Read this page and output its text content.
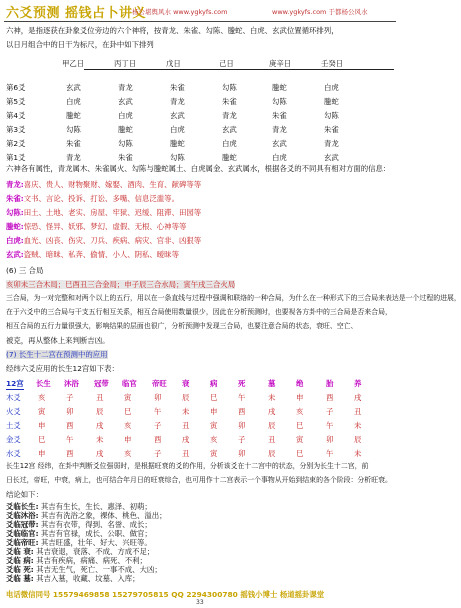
六爻预测 摇钱占卜讲义
杨公堪舆风水 www.ygkyfs.com	www.ygkyfs.com 于都杨公风水
六神，是指逐获在卦象爻位旁边的六个神将，按青龙、朱雀、勾陈、螣蛇、白虎、玄武位置循环排列，
以日月组合中的日干为标尺，在卦中如下排列
甲乙日	丙丁日	戊日	己日	庚辛日	壬癸日
第6爻	玄武	青龙	朱雀	勾陈	螣蛇	白虎
第5爻	白虎	玄武	青龙	朱雀	勾陈	螣蛇
第4爻	螣蛇	白虎	玄武	青龙	朱雀	勾陈
第3爻	勾陈	螣蛇	白虎	玄武	青龙	朱雀
第2爻	朱雀	勾陈	螣蛇	白虎	玄武	青龙
第1爻	青龙	朱雀	勾陈	螣蛇	白虎	玄武
六神各有属性，青龙属木、朱雀属火、勾陈与螣蛇属土、白虎属金、玄武属水，根据各爻的不同具有相对方面的信息：
青龙:喜庆、贵人、财物聚财、嫁娶、酒肉、生育、献碑等等
朱雀:文书、言论、投诉、打讼、多嘴、信息泛滥等。
勾陈:田土、土地、老实、房屋、牢狱、迟缓、阻滞、田园等
螣蛇:惊恐、怪异、妖邪、梦幻、虚假、无根、心神等等
白虎:血光、凶丧、伤灾、刀兵、疾病、病灾、官非、凶狠等
玄武:盗贼、暗昧、私奔、偷情、小人、阴私、暧昧等
(6) 三 合局
亥卯未三合木局；巳酉丑三合金局；申子辰三合水局；寅午戌三合火局
三合局，为一对完整和对两个以上的五行，用以在一条直线与过程中强调和联络的一种合局，为什么在一种形式下的三合局来表达是一个过程的进展，
在于六爻中的三合局与干支五行相互关系，相互合局使用数量很少，因此在分析预测时，也要视各方卦中的三合局是否来合局，
相互合局的五行力量很强大，影响结果的层面也很广，分析预测中发现三合局，也要注意合局的状态，衰旺、空亡、
被克，再从整体上来判断吉凶。
(7) 长生十二宫在预测中的应用
经纬六爻应用的长生12宫如下表：
12宫 长生 沐浴 冠带 临官 帝旺 衰	病	死	墓	绝	胎	养
木爻 亥	子	丑	寅	卯	辰	巳	午	未	申	酉	戌
火爻 寅	卯	辰	巳	午	未	申	酉	戌	亥	子	丑
土爻 申	酉	戌	亥	子	丑	寅	卯	辰	巳	午	未
金爻 巳	午	未	申	酉	戌	亥	子	丑	寅	卯	辰
水爻 申	酉	戌	亥	子	丑	寅	卯	辰	巳	午	未
长生12宫 经纬，在卦中判断爻位强弱时，是根据旺衰的爻的作用，分析该爻在十二宫中的状态，分别为长生十二宫，前
日长过，帝旺，中衰，病上，也可结合年月日的旺衰综合，也可用作十二宫表示一个事物从开始到结束的各个阶段：分析旺衰。
结论如下：
爻临长生: 其吉有生长，生长、惠泽、初萌；
爻临沐浴: 其吉有洗浴之象，裸体、桃色、溢出；
爻临冠带: 其吉有衣带，得到、名誉、成长；
爻临临官: 其吉有官禄，成长、公职、做官；
爻临帝旺: 其吉旺盛，壮年、好大、兴旺等。
爻临 衰: 其吉衰退，衰落、不成、方成不足；
爻临 病: 其吉有疾病，病痛、病死、不利；
爻临 死: 其吉无生气，死亡、一事不成、大凶；
爻临 墓: 其吉入墓，收藏、坟墓、入库；
电话微信同号 15579469858 15279705815 QQ 2294300780 摇钱小博士 杨道摇卦课堂
33
